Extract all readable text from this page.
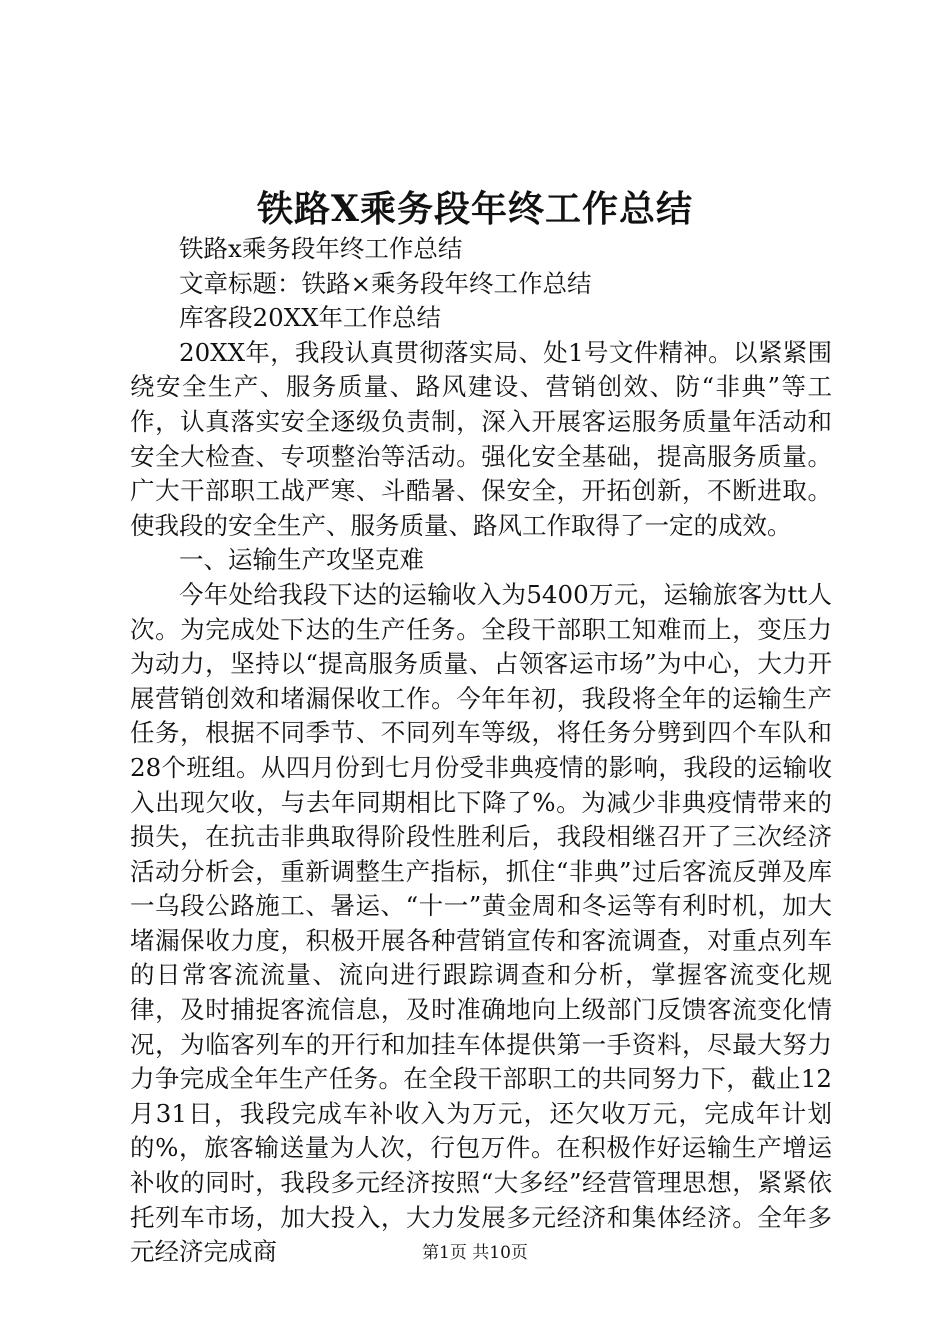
铁路X乘务段年终工作总结

铁路x乘务段年终工作总结

文章标题：铁路×乘务段年终工作总结

库客段20XX年工作总结

20XX年，我段认真贯彻落实局、处1号文件精神。以紧紧围绕安全生产、服务质量、路风建设、营销创效、防“非典”等工作，认真落实安全逐级负责制，深入开展客运服务质量年活动和安全大检查、专项整治等活动。强化安全基础，提高服务质量。广大干部职工战严寒、斗酷暑、保安全，开拓创新，不断进取。使我段的安全生产、服务质量、路风工作取得了一定的成效。

一、运输生产攻坚克难

今年处给我段下达的运输收入为5400万元，运输旅客为tt人次。为完成处下达的生产任务。全段干部职工知难而上，变压力为动力，坚持以“提高服务质量、占领客运市场”为中心，大力开展营销创效和堵漏保收工作。今年年初，我段将全年的运输生产任务，根据不同季节、不同列车等级，将任务分劈到四个车队和28个班组。从四月份到七月份受非典疫情的影响，我段的运输收入出现欠收，与去年同期相比下降了%。为减少非典疫情带来的损失，在抗击非典取得阶段性胜利后，我段相继召开了三次经济活动分析会，重新调整生产指标，抓住“非典”过后客流反弹及库一乌段公路施工、暑运、“十一”黄金周和冬运等有利时机，加大堵漏保收力度，积极开展各种营销宣传和客流调查，对重点列车的日常客流流量、流向进行跟踪调查和分析，掌握客流变化规律，及时捕捉客流信息，及时准确地向上级部门反馈客流变化情况，为临客列车的开行和加挂车体提供第一手资料，尽最大努力力争完成全年生产任务。在全段干部职工的共同努力下，截止12月31日，我段完成车补收入为万元，还欠收万元，完成年计划的%，旅客输送量为人次，行包万件。在积极作好运输生产增运补收的同时，我段多元经济按照“大多经”经营管理思想，紧紧依托列车市场，加大投入，大力发展多元经济和集体经济。全年多元经济完成商	第1页 共10页
